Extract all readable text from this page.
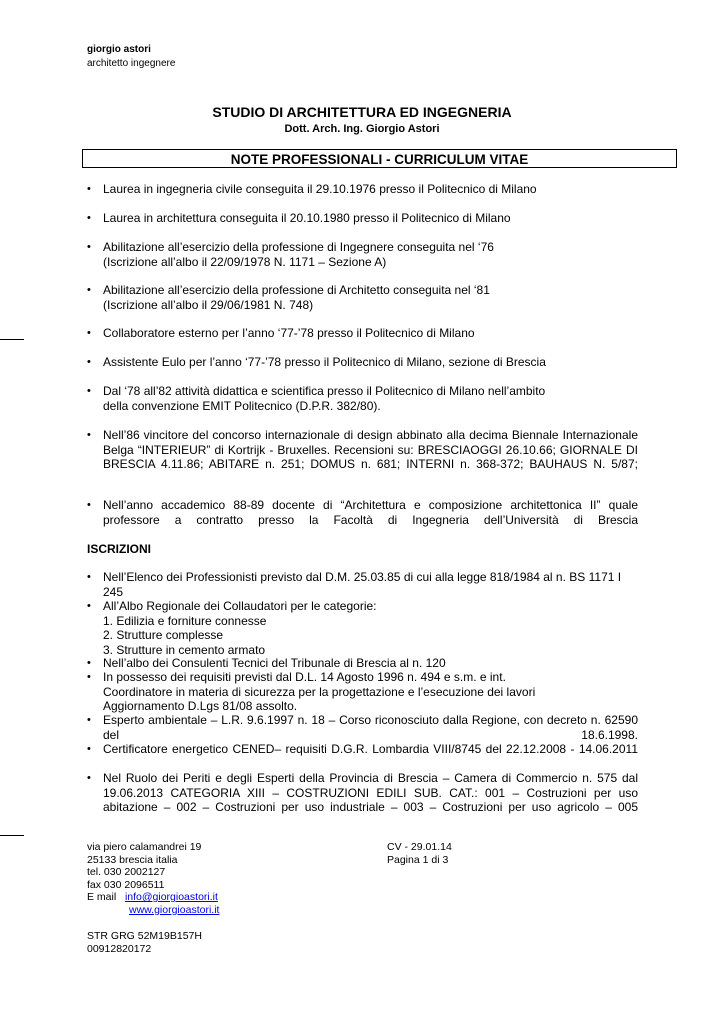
giorgio astori
architetto ingegnere
STUDIO DI ARCHITETTURA ED INGEGNERIA
Dott. Arch. Ing. Giorgio Astori
NOTE PROFESSIONALI - CURRICULUM VITAE
• Laurea in ingegneria civile conseguita il 29.10.1976 presso il Politecnico di Milano
• Laurea in architettura conseguita il 20.10.1980 presso il Politecnico di Milano
• Abilitazione all’esercizio della professione di Ingegnere conseguita nel ‘76
(Iscrizione all’albo il 22/09/1978 N. 1171 – Sezione A)
• Abilitazione all’esercizio della professione di Architetto conseguita nel ‘81
(Iscrizione all’albo il 29/06/1981 N. 748)
• Collaboratore esterno per l’anno ‘77-’78 presso il Politecnico di Milano
• Assistente Eulo per l’anno ‘77-’78 presso il Politecnico di Milano, sezione di Brescia
• Dal ‘78 all’82 attività didattica e scientifica presso il Politecnico di Milano nell’ambito
della convenzione EMIT Politecnico (D.P.R. 382/80).
• Nell’86 vincitore del concorso internazionale di design abbinato alla decima Biennale Internazionale Belga “INTERIEUR” di Kortrijk - Bruxelles. Recensioni su: BRESCIAOGGI 26.10.66; GIORNALE DI BRESCIA 4.11.86; ABITARE n. 251; DOMUS n. 681; INTERNI n. 368-372; BAUHAUS N. 5/87;
• Nell’anno accademico 88-89 docente di “Architettura e composizione architettonica II” quale professore a contratto presso la Facoltà di Ingegneria dell’Università di Brescia
ISCRIZIONI
• Nell’Elenco dei Professionisti previsto dal D.M. 25.03.85 di cui alla legge 818/1984 al n. BS 1171 I 245
• All’Albo Regionale dei Collaudatori per le categorie:
1. Edilizia e forniture connesse
2. Strutture complesse
3. Strutture in cemento armato
• Nell’albo dei Consulenti Tecnici del Tribunale di Brescia al n. 120
• In possesso dei requisiti previsti dal D.L. 14 Agosto 1996 n. 494 e s.m. e int.
Coordinatore in materia di sicurezza per la progettazione e l’esecuzione dei lavori
Aggiornamento D.Lgs 81/08 assolto.
• Esperto ambientale – L.R. 9.6.1997 n. 18 – Corso riconosciuto dalla Regione, con decreto n. 62590 del 18.6.1998.
• Certificatore energetico CENED– requisiti D.G.R. Lombardia VIII/8745 del 22.12.2008 - 14.06.2011
• Nel Ruolo dei Periti e degli Esperti della Provincia di Brescia – Camera di Commercio n. 575 dal 19.06.2013 CATEGORIA XIII – COSTRUZIONI EDILI SUB. CAT.: 001 – Costruzioni per uso abitazione – 002 – Costruzioni per uso industriale – 003 – Costruzioni per uso agricolo – 005
via piero calamandrei 19
25133 brescia italia
tel. 030 2002127
fax 030 2096511
E mail info@giorgioastori.it
www.giorgioastori.it
STR GRG 52M19B157H
00912820172
CV - 29.01.14
Pagina 1 di 3
